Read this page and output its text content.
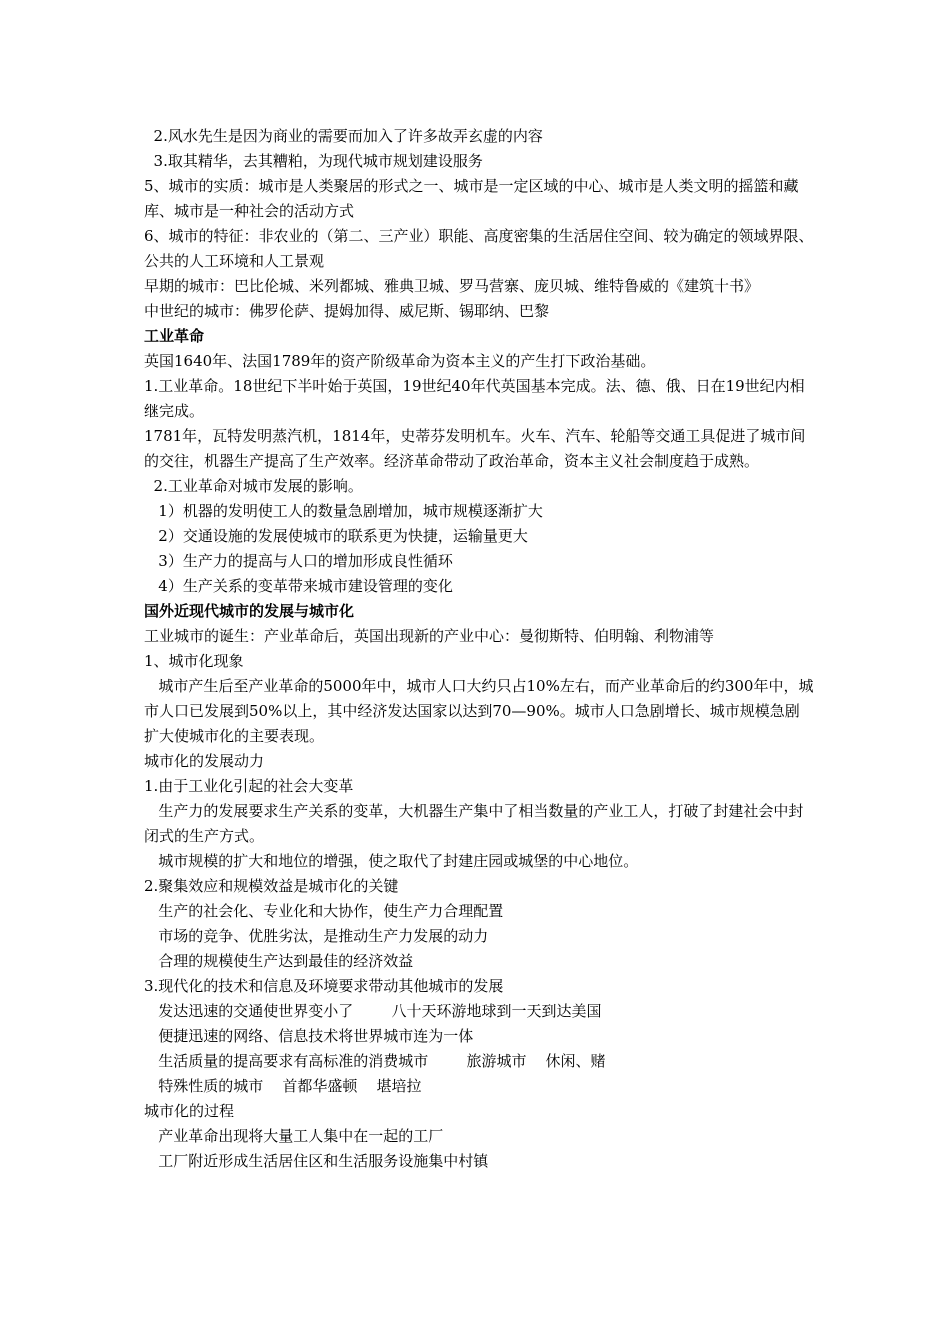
2.风水先生是因为商业的需要而加入了许多故弄玄虚的内容
3.取其精华，去其糟粕，为现代城市规划建设服务
5、城市的实质：城市是人类聚居的形式之一、城市是一定区域的中心、城市是人类文明的摇篮和藏库、城市是一种社会的活动方式
6、城市的特征：非农业的（第二、三产业）职能、高度密集的生活居住空间、较为确定的领域界限、公共的人工环境和人工景观
早期的城市：巴比伦城、米列都城、雅典卫城、罗马营寨、庞贝城、维特鲁威的《建筑十书》
中世纪的城市：佛罗伦萨、提姆加得、威尼斯、锡耶纳、巴黎
工业革命
英国1640年、法国1789年的资产阶级革命为资本主义的产生打下政治基础。
1.工业革命。18世纪下半叶始于英国，19世纪40年代英国基本完成。法、德、俄、日在19世纪内相继完成。
1781年，瓦特发明蒸汽机，1814年，史蒂芬发明机车。火车、汽车、轮船等交通工具促进了城市间的交往，机器生产提高了生产效率。经济革命带动了政治革命，资本主义社会制度趋于成熟。
2.工业革命对城市发展的影响。
1）机器的发明使工人的数量急剧增加，城市规模逐渐扩大
2）交通设施的发展使城市的联系更为快捷，运输量更大
3）生产力的提高与人口的增加形成良性循环
4）生产关系的变革带来城市建设管理的变化
国外近现代城市的发展与城市化
工业城市的诞生：产业革命后，英国出现新的产业中心：曼彻斯特、伯明翰、利物浦等
1、城市化现象
城市产生后至产业革命的5000年中，城市人口大约只占10%左右，而产业革命后的约300年中，城市人口已发展到50%以上，其中经济发达国家以达到70—90%。城市人口急剧增长、城市规模急剧扩大使城市化的主要表现。
城市化的发展动力
1.由于工业化引起的社会大变革
生产力的发展要求生产关系的变革，大机器生产集中了相当数量的产业工人，打破了封建社会中封闭式的生产方式。
城市规模的扩大和地位的增强，使之取代了封建庄园或城堡的中心地位。
2.聚集效应和规模效益是城市化的关键
生产的社会化、专业化和大协作，使生产力合理配置
市场的竞争、优胜劣汰，是推动生产力发展的动力
合理的规模使生产达到最佳的经济效益
3.现代化的技术和信息及环境要求带动其他城市的发展
发达迅速的交通使世界变小了        八十天环游地球到一天到达美国
便捷迅速的网络、信息技术将世界城市连为一体
生活质量的提高要求有高标准的消费城市        旅游城市    休闲、赌
特殊性质的城市    首都华盛顿    堪培拉
城市化的过程
产业革命出现将大量工人集中在一起的工厂
工厂附近形成生活居住区和生活服务设施集中村镇
